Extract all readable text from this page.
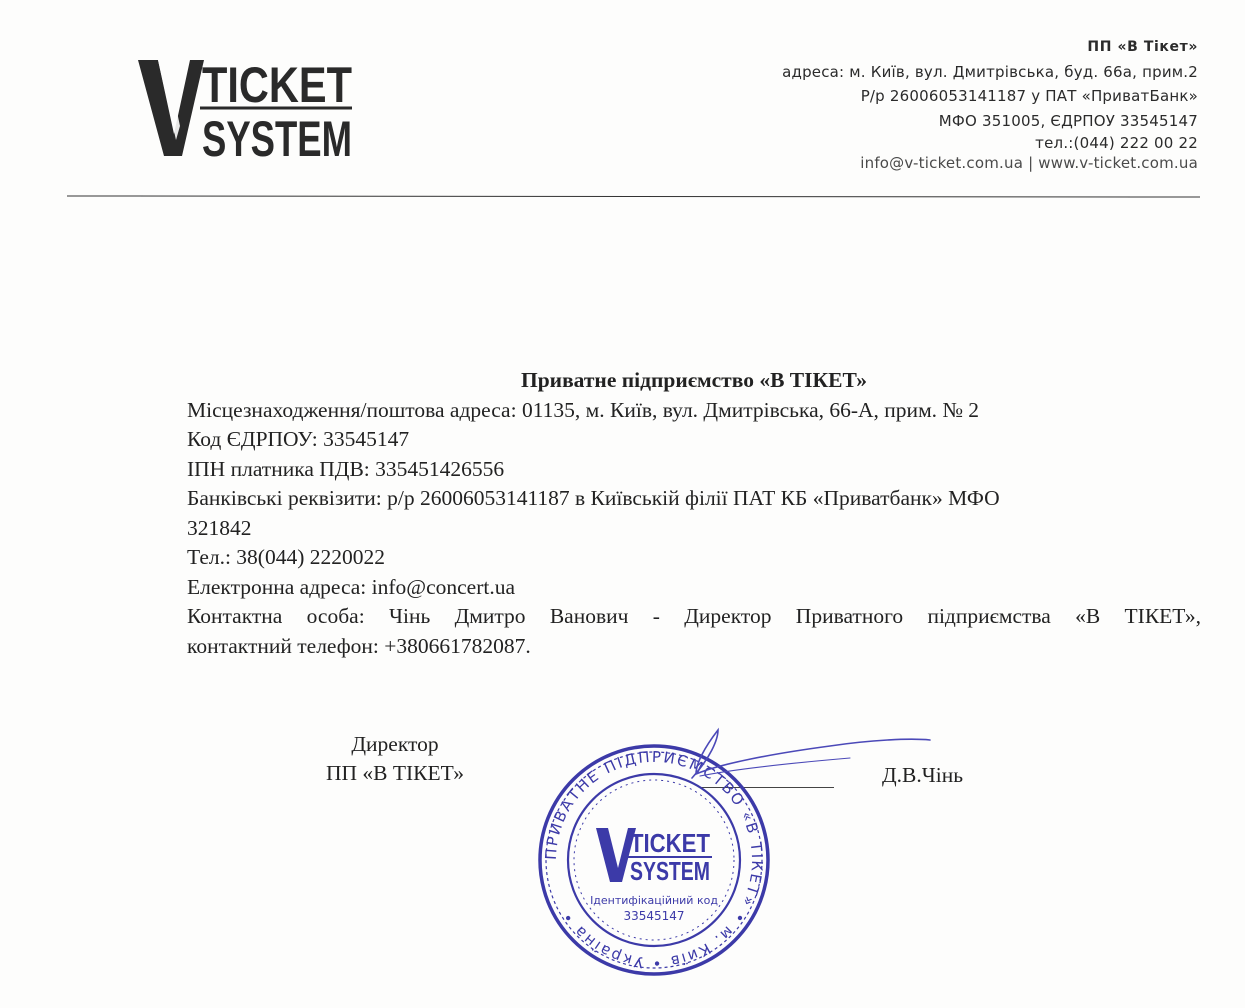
TICKET
SYSTEM
ПП «В Тікет»
адреса: м. Київ, вул. Дмитрівська, буд. 66а, прим.2
Р/р 26006053141187 у ПАТ «ПриватБанк»
МФО 351005, ЄДРПОУ 33545147
тел.:(044) 222 00 22
info@v-ticket.com.ua | www.v-ticket.com.ua
Приватне підприємство «В ТІКЕТ»
Місцезнаходження/поштова адреса: 01135, м. Київ, вул. Дмитрівська, 66-А, прим. № 2
Код ЄДРПОУ: 33545147
ІПН платника ПДВ: 335451426556
Банківські реквізити: р/р 26006053141187 в Київській філії ПАТ КБ «Приватбанк» МФО
321842
Тел.: 38(044) 2220022
Електронна адреса: info@concert.ua
Контактна особа: Чінь Дмитро Ванович - Директор Приватного підприємства «В ТІКЕТ»,
контактний телефон: +380661782087.
Директор
ПП «В ТІКЕТ»	Д.В.Чінь
ПРИВАТНЕ ПІДПРИЄМСТВО «В ТІКЕТ» • м. Київ • Україна •
TICKET
SYSTEM
Ідентифікаційний код
33545147
